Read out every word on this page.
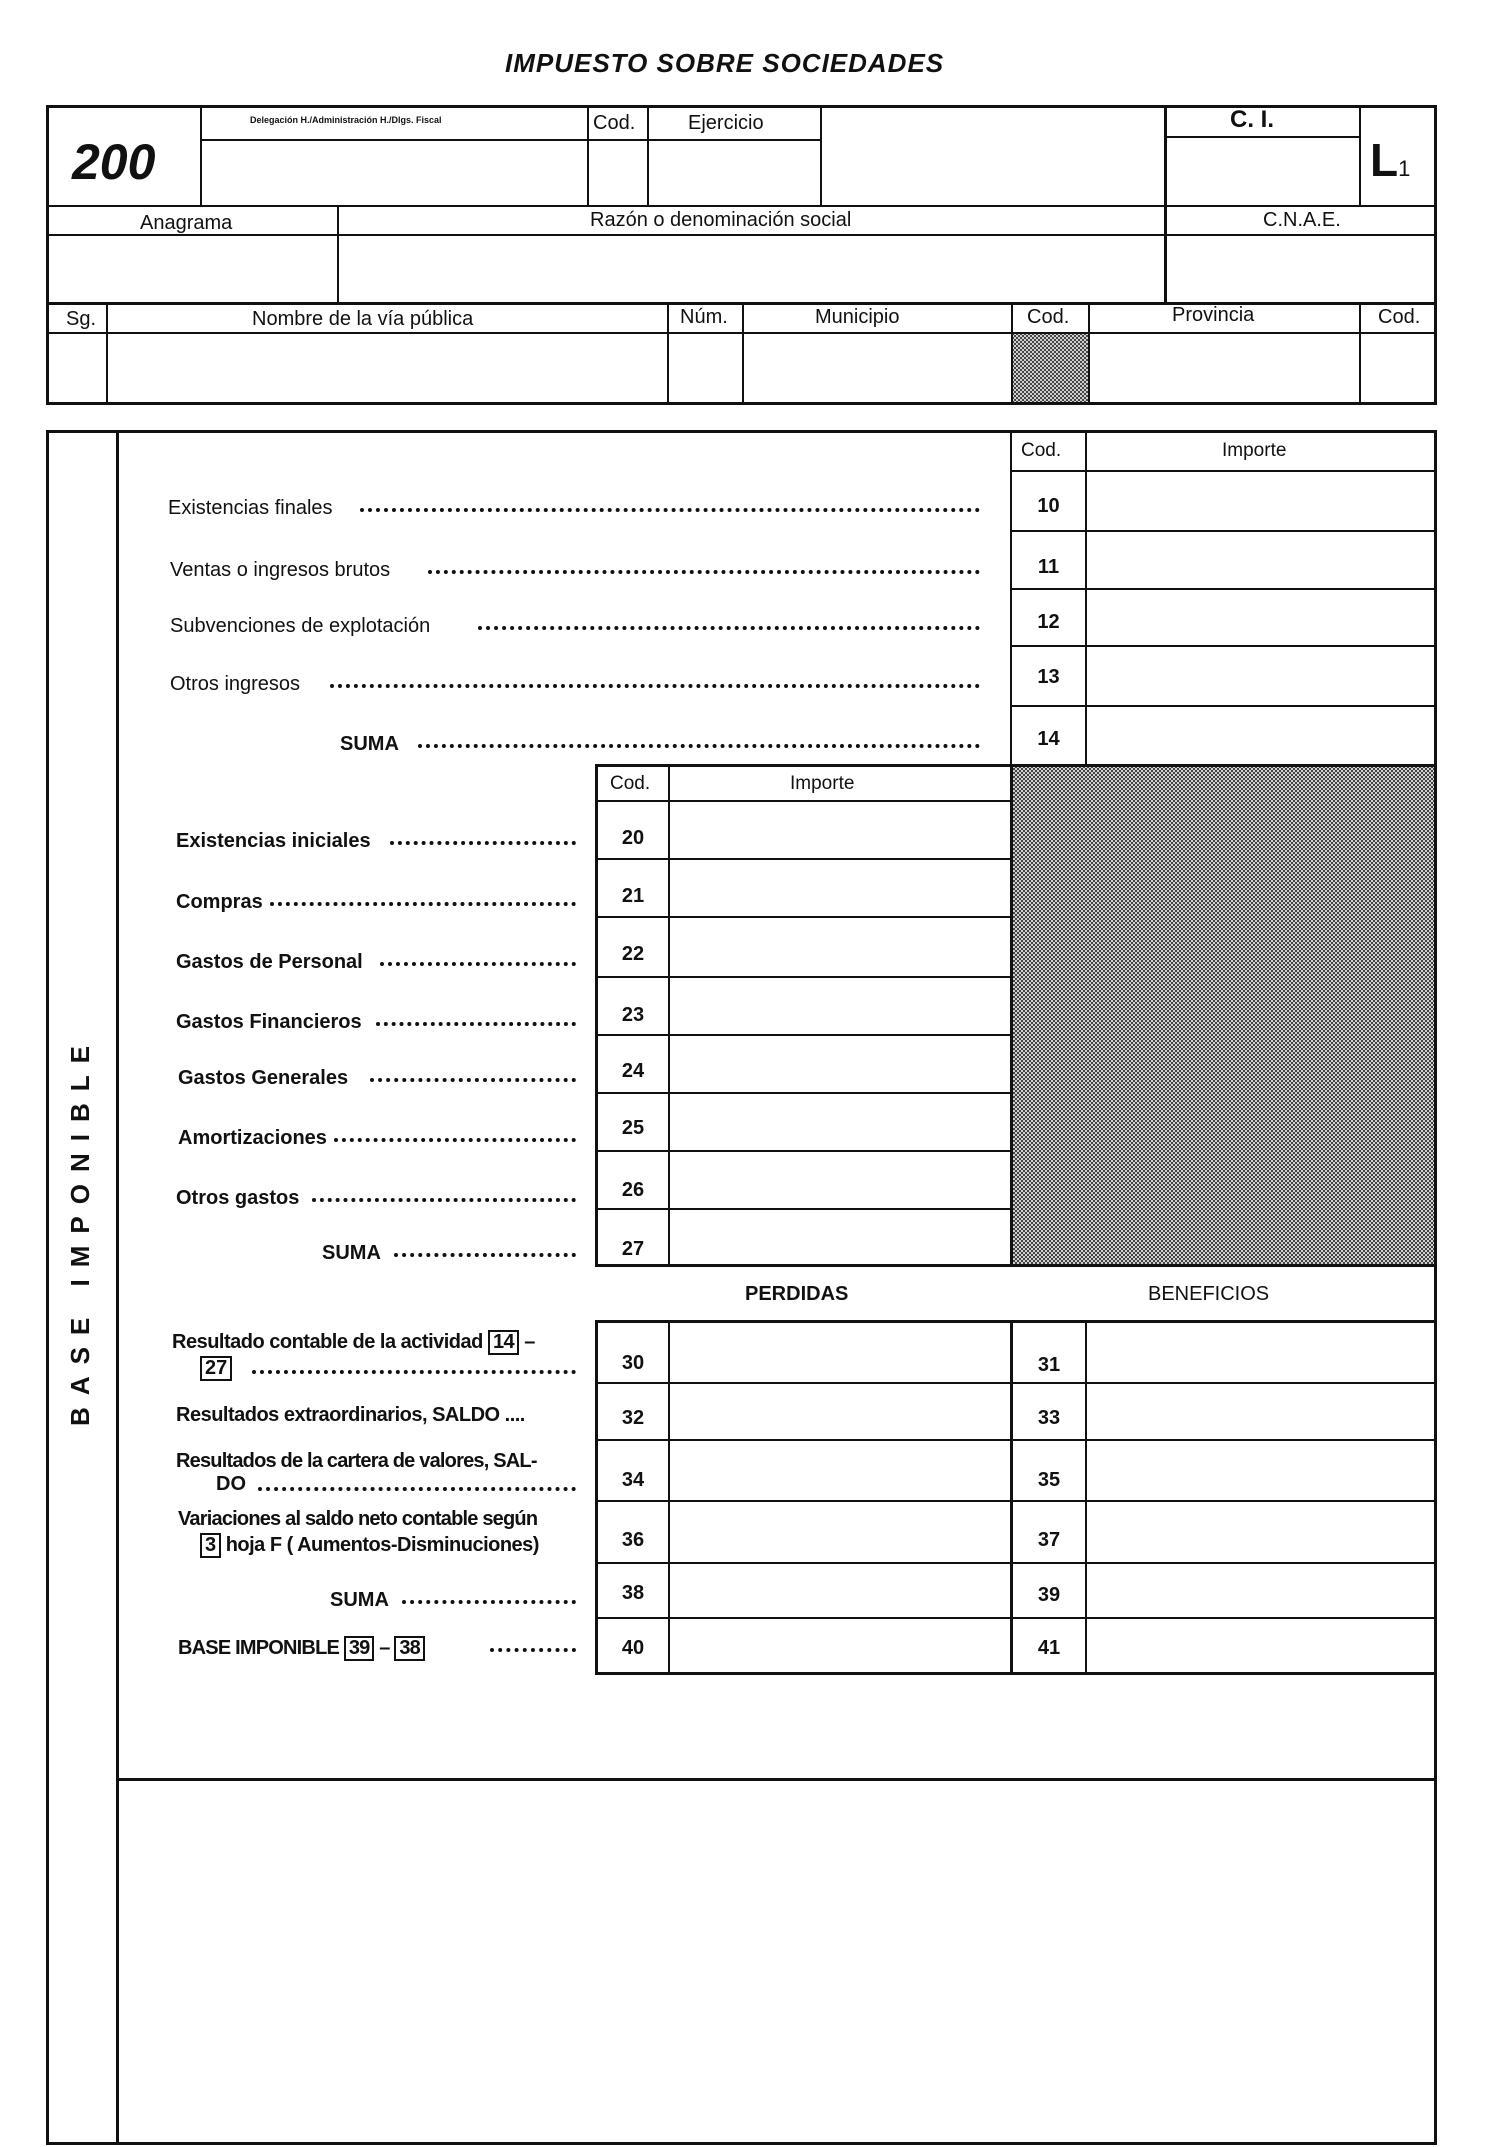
IMPUESTO SOBRE SOCIEDADES
200
Delegación H./Administración H./Dlgs. Fiscal	Cod.	Ejercicio	C. I.
L1
Anagrama	Razón o denominación social	C.N.A.E.
Sg.	Nombre de la vía pública	Núm.	Municipio	Cod.	Provincia	Cod.
BASE IMPONIBLE
Cod.	Importe
Existencias finales	10
Ventas o ingresos brutos	11
Subvenciones de explotación	12
Otros ingresos	13
SUMA	14
Cod.	Importe
Existencias iniciales	20
Compras	21
Gastos de Personal	22
Gastos Financieros	23
Gastos Generales	24
Amortizaciones	25
Otros gastos	26
SUMA	27
PERDIDAS	BENEFICIOS
Resultado contable de la actividad 14 –
27	30	31
Resultados extraordinarios, SALDO ....	32	33
Resultados de la cartera de valores, SAL-
DO	34	35
Variaciones al saldo neto contable según
3 hoja F ( Aumentos-Disminuciones)	36	37
SUMA	38	39
BASE IMPONIBLE 39 – 38	40	41
